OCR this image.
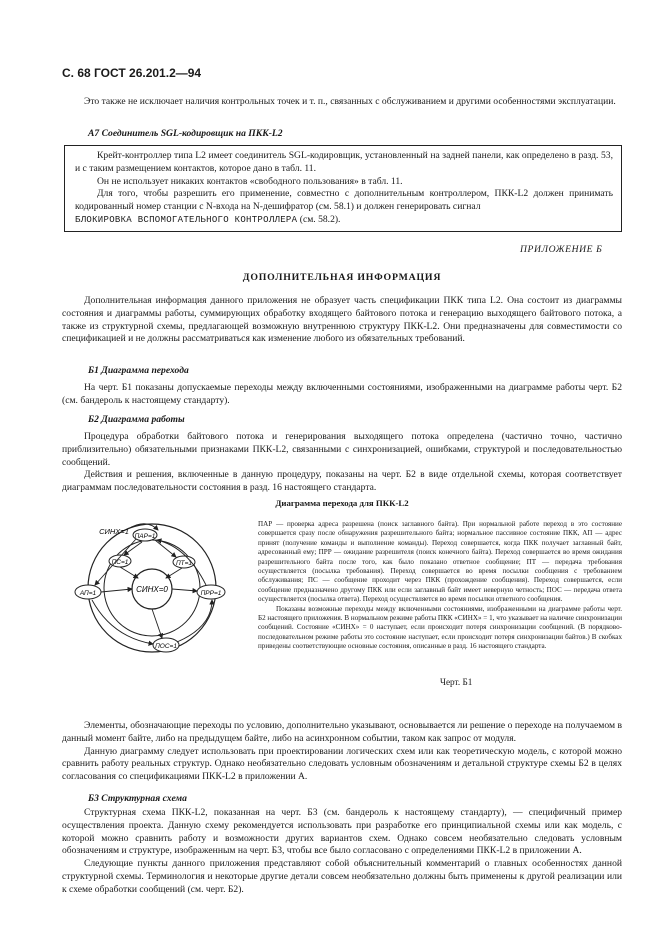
С. 68 ГОСТ 26.201.2—94
Это также не исключает наличия контрольных точек и т. п., связанных с обслуживанием и другими особенностями эксплуатации.
А7 Соединитель SGL-кодировщик на ПКК-L2

Крейт-контроллер типа L2 имеет соединитель SGL-кодировщик, установленный на задней панели, как определено в разд. 53, и с таким размещением контактов, которое дано в табл. 11.

Он не использует никаких контактов «свободного пользования» в табл. 11.

Для того, чтобы разрешить его применение, совместно с дополнительным контроллером, ПКК-L2 должен принимать кодированный номер станции с N-входа на N-дешифратор (см. 58.1) и должен генерировать сигнал

БЛОКИРОВКА ВСПОМОГАТЕЛЬНОГО КОНТРОЛЛЕРА (см. 58.2).

ПРИЛОЖЕНИЕ Б
ДОПОЛНИТЕЛЬНАЯ ИНФОРМАЦИЯ
Дополнительная информация данного приложения не образует часть спецификации ПКК типа L2. Она состоит из диаграммы состояния и диаграммы работы, суммирующих обработку входящего байтового потока и генерацию выходящего байтового потока, а также из структурной схемы, предлагающей возможную внутреннюю структуру ПКК-L2. Они предназначены для совместимости со спецификацией и не должны рассматриваться как изменение любого из обязательных требований.
Б1 Диаграмма перехода
На черт. Б1 показаны допускаемые переходы между включенными состояниями, изображенными на диаграмме работы черт. Б2 (см. бандероль к настоящему стандарту).
Б2 Диаграмма работы

Процедура обработки байтового потока и генерирования выходящего потока определена (частично точно, частично приблизительно) обязательными признаками ПКК-L2, связанными с синхронизацией, ошибками, структурой и последовательностью сообщений.

Действия и решения, включенные в данную процедуру, показаны на черт. Б2 в виде отдельной схемы, которая соответствует диаграммам последовательности состояния в разд. 16 настоящего стандарта.

Диаграмма перехода для ПКК-L2
СИНХ=0
СИНХ=1
ПАР=1
ПС=1	ПТ=1
АП=1	ПРР=1
ПОС=1

ПАР — проверка адреса разрешена (поиск заглавного байта). При нормальной работе переход в это состояние совершается сразу после обнаружения разрешительного байта; нормальное пассивное состояние ПКК, АП — адрес принят (получение команды и выполнение команды). Переход совершается, когда ПКК получает заглавный байт, адресованный ему; ПРР — ожидание разрешителя (поиск конечного байта). Переход совершается во время ожидания разрешительного байта после того, как было показано ответное сообщение; ПТ — передача требования осуществляется (посылка требования). Переход совершается во время посылки сообщения с требованием обслуживания; ПС — сообщение проходит через ПКК (прохождение сообщения). Переход совершается, если сообщение предназначено другому ПКК или если заглавный байт имеет неверную четность; ПОС — передача ответа осуществляется (посылка ответа). Переход осуществляется во время посылки ответного сообщения.

Показаны возможные переходы между включенными состояниями, изображенными на диаграмме работы черт. Б2 настоящего приложения. В нормальном режиме работы ПКК «СИНХ» = 1, что указывает на наличие синхронизации сообщений. Состояние «СИНХ» = 0 наступает, если происходит потеря синхронизации сообщений. (В порядково-последовательном режиме работы это состояние наступает, если происходит потеря синхронизации байтов.) В скобках приведены соответствующие основные состояния, описанные в разд. 16 настоящего стандарта.

Черт. Б1

Элементы, обозначающие переходы по условию, дополнительно указывают, основывается ли решение о переходе на получаемом в данный момент байте, либо на предыдущем байте, либо на асинхронном событии, таком как запрос от модуля.

Данную диаграмму следует использовать при проектировании логических схем или как теоретическую модель, с которой можно сравнить работу реальных структур. Однако необязательно следовать условным обозначениям и детальной структуре схемы Б2 в целях согласования со спецификациями ПКК-L2 в приложении А.

Б3 Структурная схема

Структурная схема ПКК-L2, показанная на черт. Б3 (см. бандероль к настоящему стандарту), — специфичный пример осуществления проекта. Данную схему рекомендуется использовать при разработке его принципиальной схемы или как модель, с которой можно сравнить работу и возможности других вариантов схем. Однако совсем необязательно следовать условным обозначениям и структуре, изображенным на черт. Б3, чтобы все было согласовано с определениями ПКК-L2 в приложении А.

Следующие пункты данного приложения представляют собой объяснительный комментарий о главных особенностях данной структурной схемы. Терминология и некоторые другие детали совсем необязательно должны быть применены к другой реализации или к схеме обработки сообщений (см. черт. Б2).
